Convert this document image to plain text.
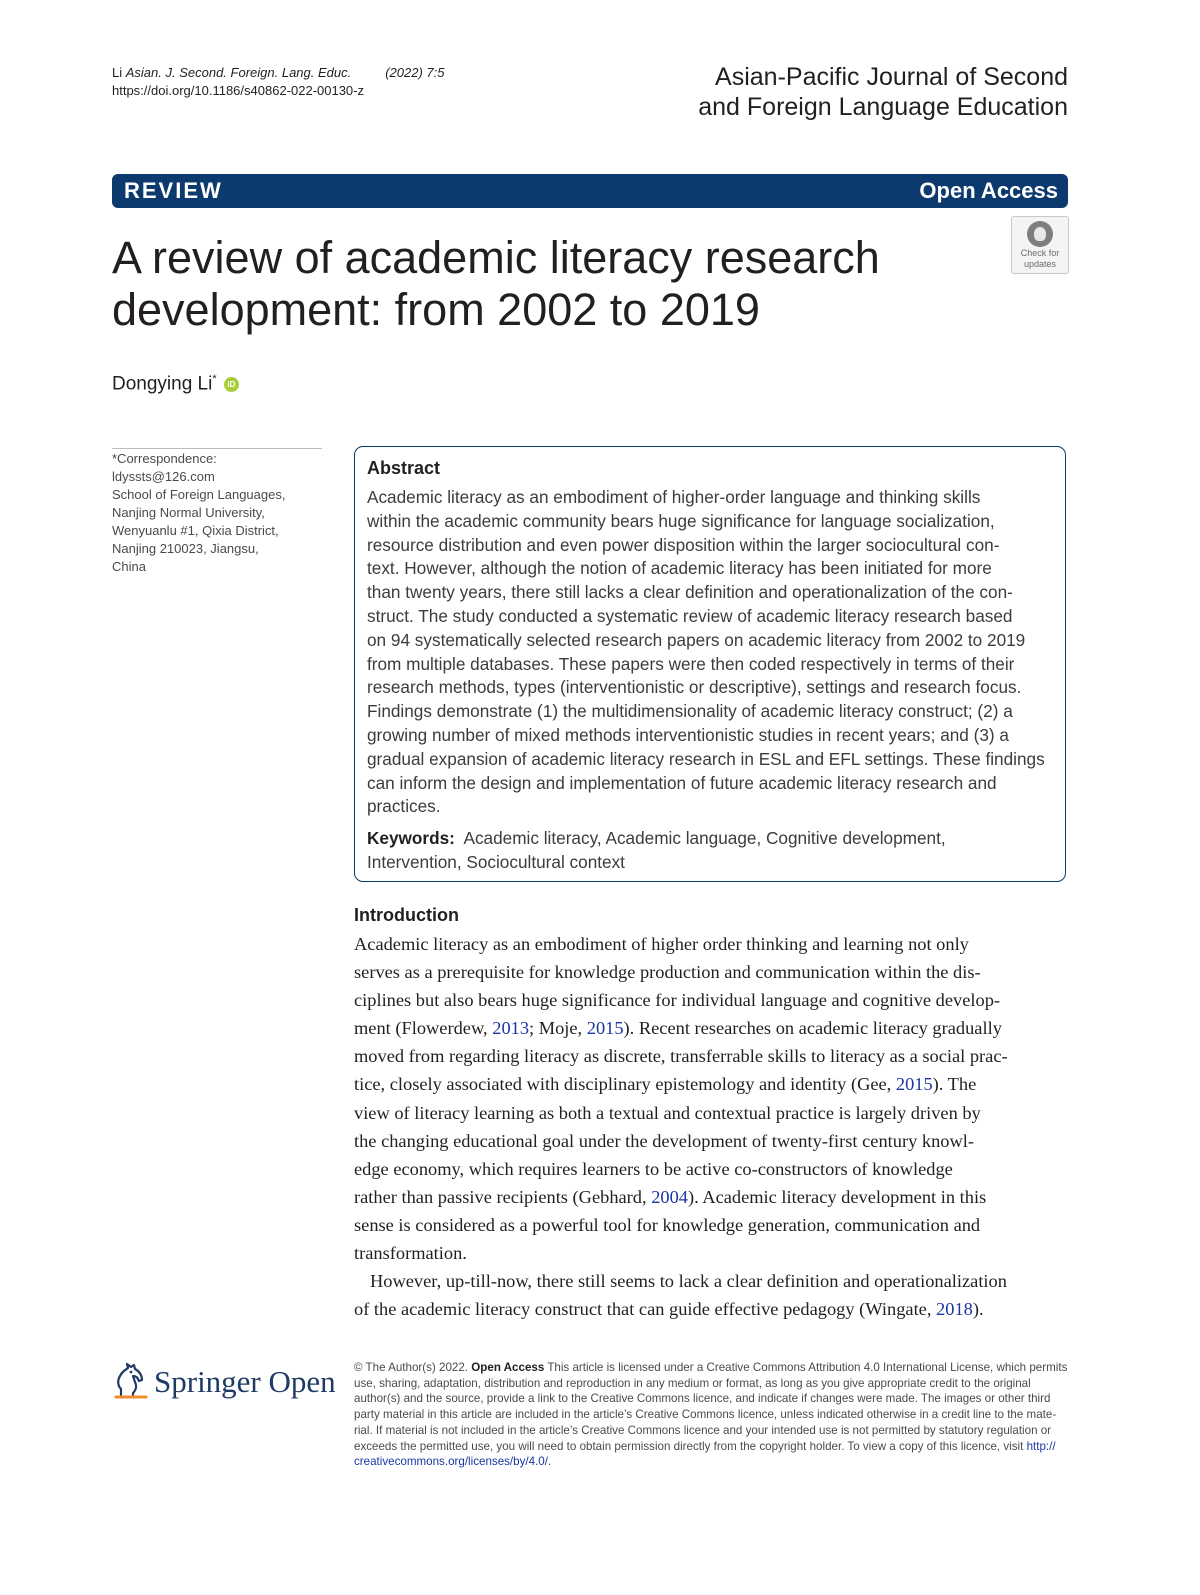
Li Asian. J. Second. Foreign. Lang. Educ.	(2022) 7:5
https://doi.org/10.1186/s40862-022-00130-z	Asian-Pacific Journal of Second
and Foreign Language Education
REVIEW	Open Access
A review of academic literacy research
development: from 2002 to 2019
Check for
updates
Dongying Li* iD
*Correspondence:
ldyssts@126.com
School of Foreign Languages,
Nanjing Normal University,
Wenyuanlu #1, Qixia District,
Nanjing 210023, Jiangsu,
China
Abstract
Academic literacy as an embodiment of higher-order language and thinking skills
within the academic community bears huge significance for language socialization,
resource distribution and even power disposition within the larger sociocultural con-
text. However, although the notion of academic literacy has been initiated for more
than twenty years, there still lacks a clear definition and operationalization of the con-
struct. The study conducted a systematic review of academic literacy research based
on 94 systematically selected research papers on academic literacy from 2002 to 2019
from multiple databases. These papers were then coded respectively in terms of their
research methods, types (interventionistic or descriptive), settings and research focus.
Findings demonstrate (1) the multidimensionality of academic literacy construct; (2) a
growing number of mixed methods interventionistic studies in recent years; and (3) a
gradual expansion of academic literacy research in ESL and EFL settings. These findings
can inform the design and implementation of future academic literacy research and
practices.
Keywords: Academic literacy, Academic language, Cognitive development,
Intervention, Sociocultural context
Introduction
Academic literacy as an embodiment of higher order thinking and learning not only
serves as a prerequisite for knowledge production and communication within the dis-
ciplines but also bears huge significance for individual language and cognitive develop-
ment (Flowerdew, 2013; Moje, 2015). Recent researches on academic literacy gradually
moved from regarding literacy as discrete, transferrable skills to literacy as a social prac-
tice, closely associated with disciplinary epistemology and identity (Gee, 2015). The
view of literacy learning as both a textual and contextual practice is largely driven by
the changing educational goal under the development of twenty-first century knowl-
edge economy, which requires learners to be active co-constructors of knowledge
rather than passive recipients (Gebhard, 2004). Academic literacy development in this
sense is considered as a powerful tool for knowledge generation, communication and
transformation.
However, up-till-now, there still seems to lack a clear definition and operationalization
of the academic literacy construct that can guide effective pedagogy (Wingate, 2018).
Springer Open © The Author(s) 2022. Open Access This article is licensed under a Creative Commons Attribution 4.0 International License, which permits
use, sharing, adaptation, distribution and reproduction in any medium or format, as long as you give appropriate credit to the original
author(s) and the source, provide a link to the Creative Commons licence, and indicate if changes were made. The images or other third
party material in this article are included in the article’s Creative Commons licence, unless indicated otherwise in a credit line to the mate-
rial. If material is not included in the article’s Creative Commons licence and your intended use is not permitted by statutory regulation or
exceeds the permitted use, you will need to obtain permission directly from the copyright holder. To view a copy of this licence, visit http://
creativecommons.org/licenses/by/4.0/.
